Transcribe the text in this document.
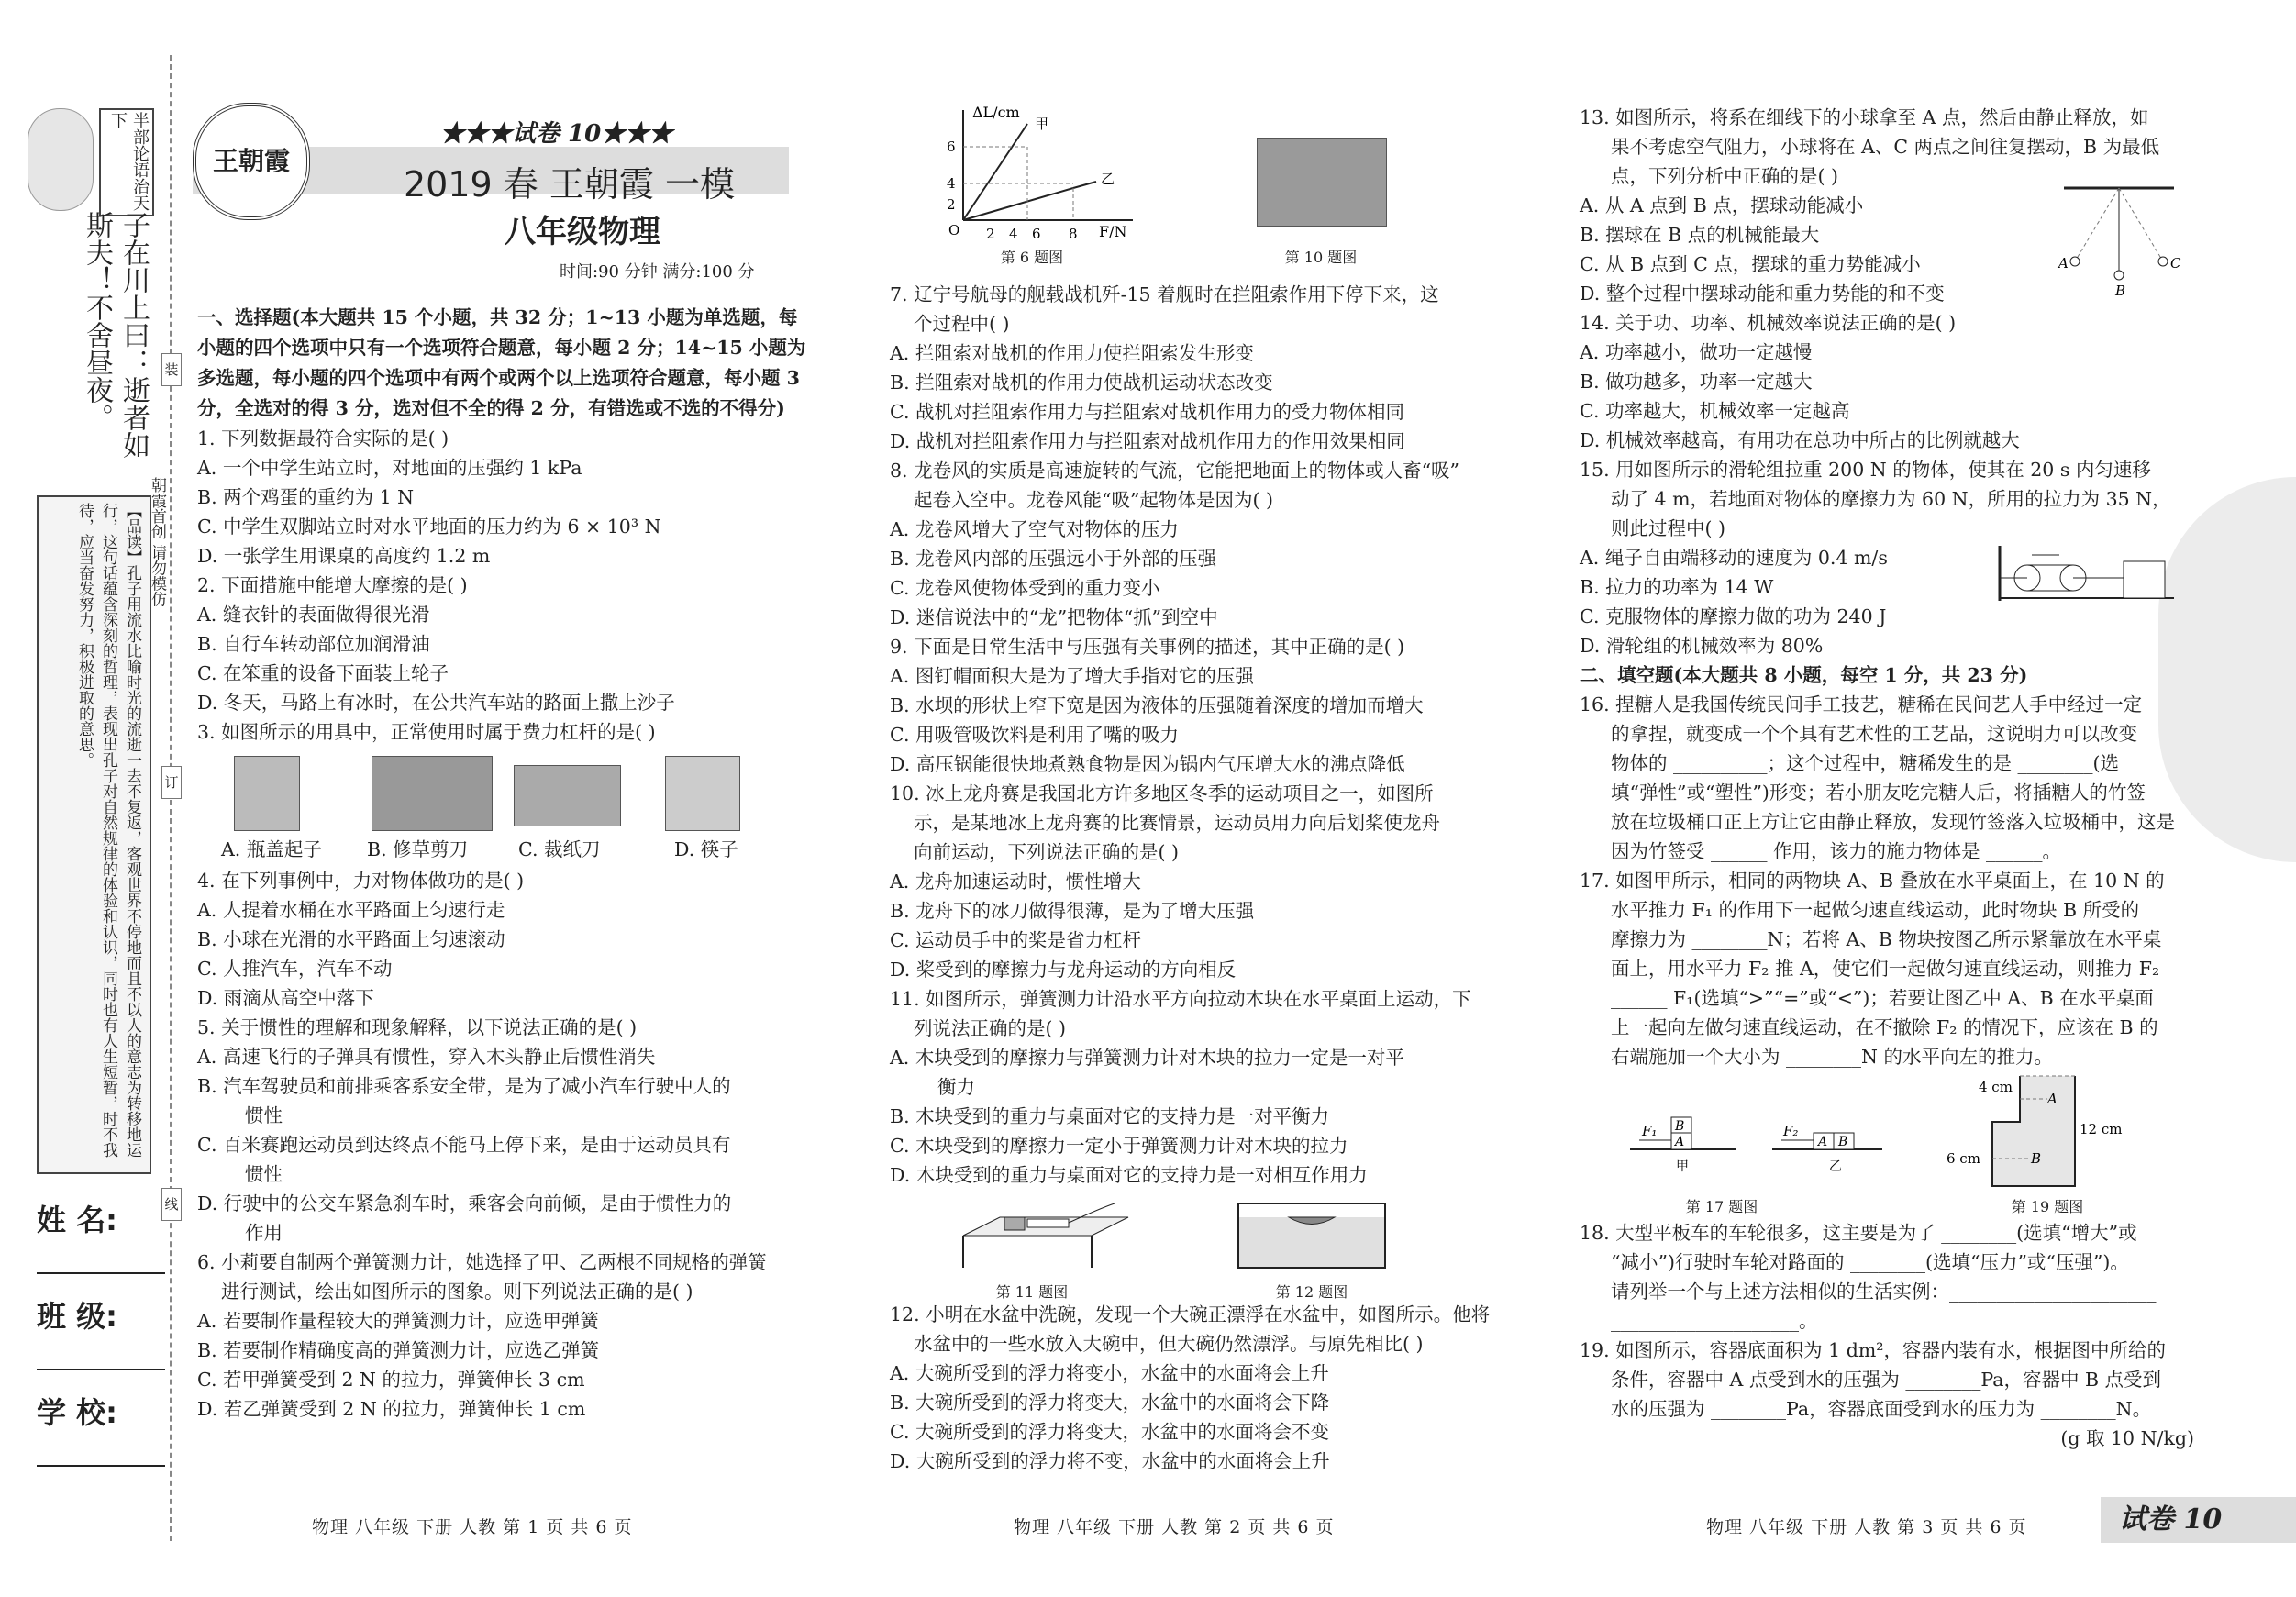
半部论语治天下
子在川上曰：逝者如斯夫！不舍昼夜。
【品读】孔子用流水比喻时光的流逝一去不复返，客观世界不停地而且不以人的意志为转移地运行，这句话蕴含深刻的哲理，表现出孔子对自然规律的体验和认识，同时也有人生短暂，时不我待，应当奋发努力，积极进取的意思。
姓 名:
班 级:
学 校:
装
订
线
朝霞首创 请勿模仿
王朝霞
★★★试卷 10★★★
2019 春 王朝霞 一模
八年级物理
时间:90 分钟 满分:100 分

一、选择题(本大题共 15 个小题，共 32 分；1~13 小题为单选题，每小题的四个选项中只有一个选项符合题意，每小题 2 分；14~15 小题为多选题，每小题的四个选项中有两个或两个以上选项符合题意，每小题 3 分，全选对的得 3 分，选对但不全的得 2 分，有错选或不选的不得分)

1. 下列数据最符合实际的是( )

A. 一个中学生站立时，对地面的压强约 1 kPa

B. 两个鸡蛋的重约为 1 N

C. 中学生双脚站立时对水平地面的压力约为 6 × 10³ N

D. 一张学生用课桌的高度约 1.2 m

2. 下面措施中能增大摩擦的是( )

A. 缝衣针的表面做得很光滑

B. 自行车转动部位加润滑油

C. 在笨重的设备下面装上轮子

D. 冬天，马路上有冰时，在公共汽车站的路面上撒上沙子

3. 如图所示的用具中，正常使用时属于费力杠杆的是( )

A. 瓶盖起子 B. 修草剪刀	C. 裁纸刀	D. 筷子

4. 在下列事例中，力对物体做功的是( )

A. 人提着水桶在水平路面上匀速行走

B. 小球在光滑的水平路面上匀速滚动

C. 人推汽车，汽车不动

D. 雨滴从高空中落下

5. 关于惯性的理解和现象解释，以下说法正确的是( )

A. 高速飞行的子弹具有惯性，穿入木头静止后惯性消失

B. 汽车驾驶员和前排乘客系安全带，是为了减小汽车行驶中人的

惯性

C. 百米赛跑运动员到达终点不能马上停下来，是由于运动员具有

惯性

D. 行驶中的公交车紧急刹车时，乘客会向前倾，是由于惯性力的

作用

6. 小莉要自制两个弹簧测力计，她选择了甲、乙两根不同规格的弹簧

进行测试，绘出如图所示的图象。则下列说法正确的是( )

A. 若要制作量程较大的弹簧测力计，应选甲弹簧

B. 若要制作精确度高的弹簧测力计，应选乙弹簧

C. 若甲弹簧受到 2 N 的拉力，弹簧伸长 3 cm

D. 若乙弹簧受到 2 N 的拉力，弹簧伸长 1 cm

ΔL/cm
F/N
6
4
2
2 4 6 8
O
甲
乙
第 6 题图	第 10 题图

7. 辽宁号航母的舰载战机歼-15 着舰时在拦阻索作用下停下来，这

个过程中( )

A. 拦阻索对战机的作用力使拦阻索发生形变

B. 拦阻索对战机的作用力使战机运动状态改变

C. 战机对拦阻索作用力与拦阻索对战机作用力的受力物体相同

D. 战机对拦阻索作用力与拦阻索对战机作用力的作用效果相同

8. 龙卷风的实质是高速旋转的气流，它能把地面上的物体或人畜“吸”

起卷入空中。龙卷风能“吸”起物体是因为( )

A. 龙卷风增大了空气对物体的压力

B. 龙卷风内部的压强远小于外部的压强

C. 龙卷风使物体受到的重力变小

D. 迷信说法中的“龙”把物体“抓”到空中

9. 下面是日常生活中与压强有关事例的描述，其中正确的是( )

A. 图钉帽面积大是为了增大手指对它的压强

B. 水坝的形状上窄下宽是因为液体的压强随着深度的增加而增大

C. 用吸管吸饮料是利用了嘴的吸力

D. 高压锅能很快地煮熟食物是因为锅内气压增大水的沸点降低

10. 冰上龙舟赛是我国北方许多地区冬季的运动项目之一，如图所

示，是某地冰上龙舟赛的比赛情景，运动员用力向后划桨使龙舟

向前运动，下列说法正确的是( )

A. 龙舟加速运动时，惯性增大

B. 龙舟下的冰刀做得很薄，是为了增大压强

C. 运动员手中的桨是省力杠杆

D. 桨受到的摩擦力与龙舟运动的方向相反

11. 如图所示，弹簧测力计沿水平方向拉动木块在水平桌面上运动，下

列说法正确的是( )

A. 木块受到的摩擦力与弹簧测力计对木块的拉力一定是一对平

衡力

B. 木块受到的重力与桌面对它的支持力是一对平衡力

C. 木块受到的摩擦力一定小于弹簧测力计对木块的拉力

D. 木块受到的重力与桌面对它的支持力是一对相互作用力

第 11 题图	第 12 题图

12. 小明在水盆中洗碗，发现一个大碗正漂浮在水盆中，如图所示。他将

水盆中的一些水放入大碗中，但大碗仍然漂浮。与原先相比( )

A. 大碗所受到的浮力将变小，水盆中的水面将会上升

B. 大碗所受到的浮力将变大，水盆中的水面将会下降

C. 大碗所受到的浮力将变大，水盆中的水面将会不变

D. 大碗所受到的浮力将不变，水盆中的水面将会上升

A
B
C

13. 如图所示，将系在细线下的小球拿至 A 点，然后由静止释放，如

果不考虑空气阻力，小球将在 A、C 两点之间往复摆动，B 为最低

点，下列分析中正确的是( )

A. 从 A 点到 B 点，摆球动能减小

B. 摆球在 B 点的机械能最大

C. 从 B 点到 C 点，摆球的重力势能减小

D. 整个过程中摆球动能和重力势能的和不变

14. 关于功、功率、机械效率说法正确的是( )

A. 功率越小，做功一定越慢

B. 做功越多，功率一定越大

C. 功率越大，机械效率一定越高

D. 机械效率越高，有用功在总功中所占的比例就越大

15. 用如图所示的滑轮组拉重 200 N 的物体，使其在 20 s 内匀速移

动了 4 m，若地面对物体的摩擦力为 60 N，所用的拉力为 35 N，

则此过程中( )

A. 绳子自由端移动的速度为 0.4 m/s

B. 拉力的功率为 14 W

C. 克服物体的摩擦力做的功为 240 J

D. 滑轮组的机械效率为 80%

二、填空题(本大题共 8 小题，每空 1 分，共 23 分)

16. 捏糖人是我国传统民间手工技艺，糖稀在民间艺人手中经过一定

的拿捏，就变成一个个具有艺术性的工艺品，这说明力可以改变

物体的 __________；这个过程中，糖稀发生的是 ________(选

填“弹性”或“塑性”)形变；若小朋友吃完糖人后，将插糖人的竹签

放在垃圾桶口正上方让它由静止释放，发现竹签落入垃圾桶中，这是

因为竹签受 ______ 作用，该力的施力物体是 ______。

17. 如图甲所示，相同的两物块 A、B 叠放在水平桌面上，在 10 N 的

水平推力 F₁ 的作用下一起做匀速直线运动，此时物块 B 所受的

摩擦力为 ________N；若将 A、B 物块按图乙所示紧靠放在水平桌

面上，用水平力 F₂ 推 A，使它们一起做匀速直线运动，则推力 F₂

______ F₁(选填“>”“=”或“<”)；若要让图乙中 A、B 在水平桌面

上一起向左做匀速直线运动，在不撤除 F₂ 的情况下，应该在 B 的

右端施加一个大小为 ________N 的水平向左的推力。

F₁ B
A
甲
F₂
A B
乙
4 cm
12 cm
6 cm
A
B
第 17 题图	第 19 题图

18. 大型平板车的车轮很多，这主要是为了 ________(选填“增大”或

“减小”)行驶时车轮对路面的 ________(选填“压力”或“压强”)。

请列举一个与上述方法相似的生活实例：______________________

____________________。

19. 如图所示，容器底面积为 1 dm²，容器内装有水，根据图中所给的

条件，容器中 A 点受到水的压强为 ________Pa，容器中 B 点受到

水的压强为 ________Pa，容器底面受到水的压力为 ________N。

(g 取 10 N/kg)

物理 八年级 下册 人教 第 1 页 共 6 页	物理 八年级 下册 人教 第 2 页 共 6 页	物理 八年级 下册 人教 第 3 页 共 6 页	试卷 10
